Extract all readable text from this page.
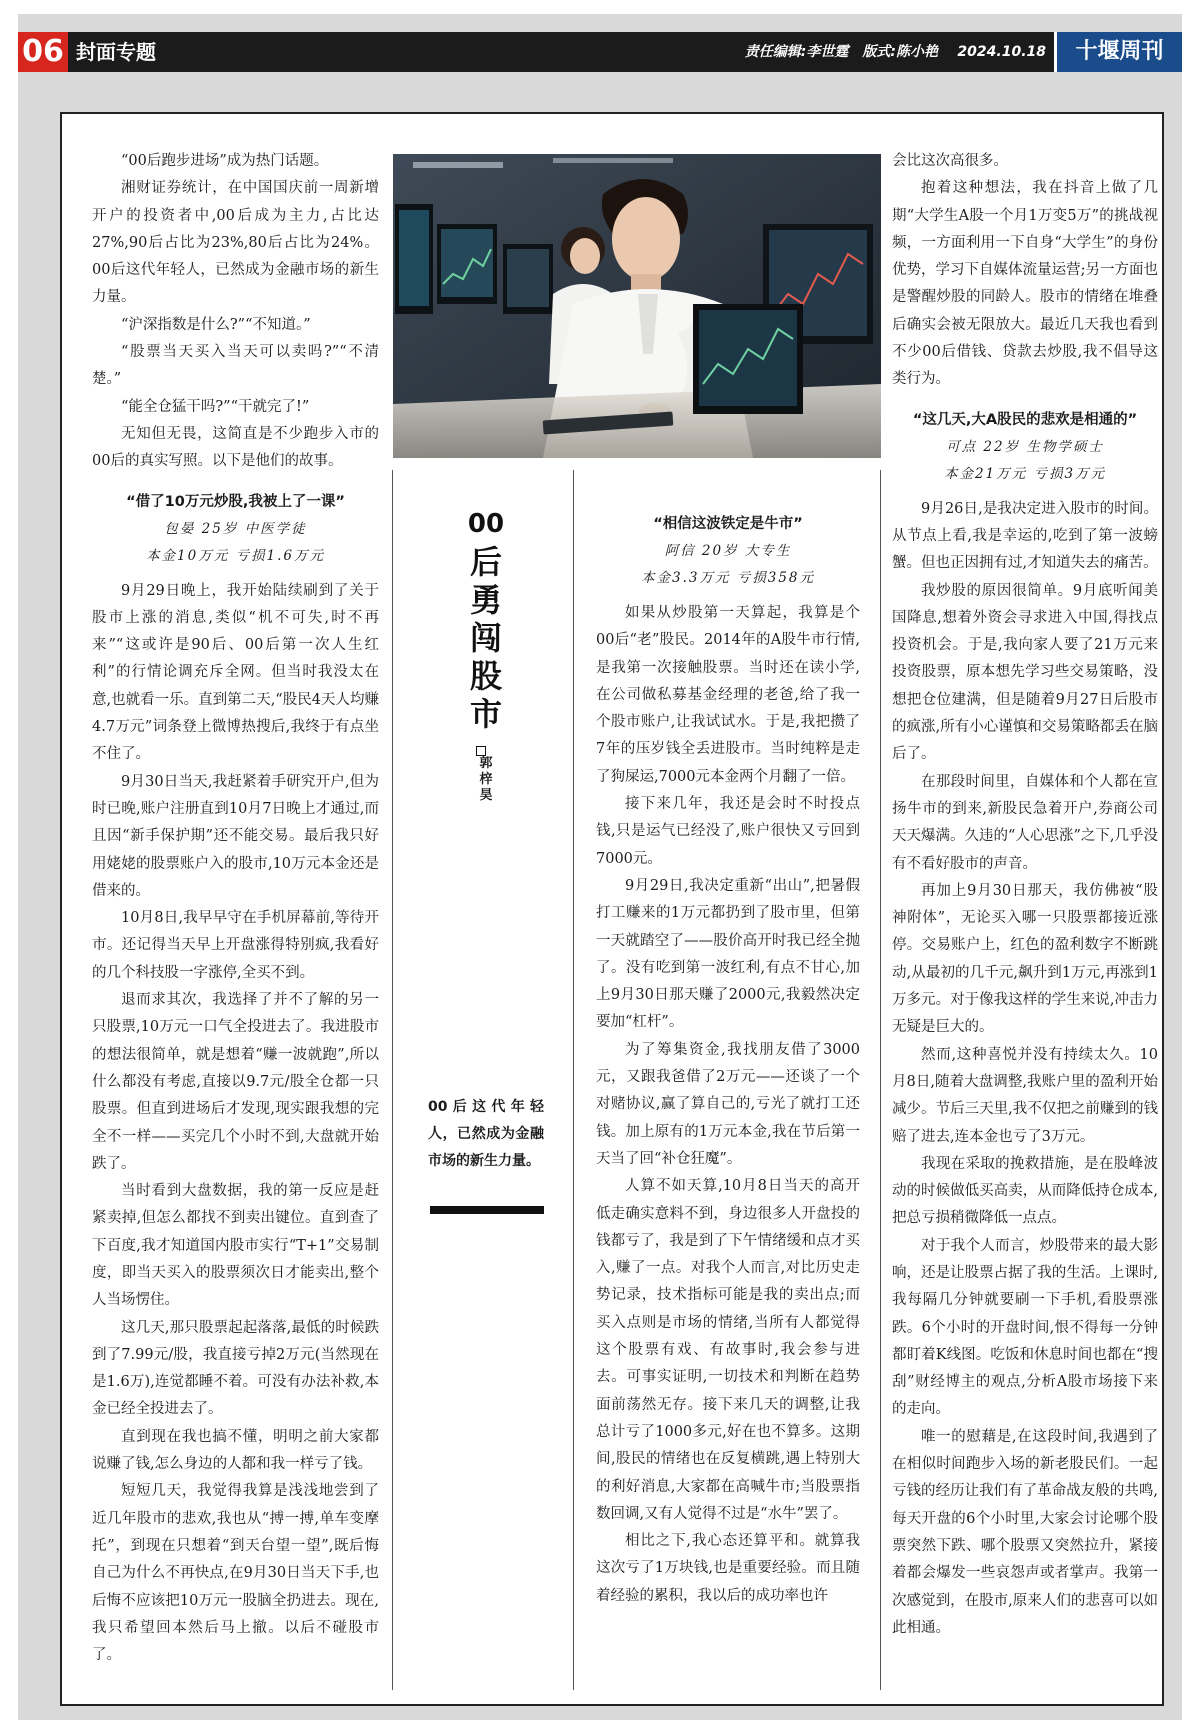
06 封面专题	责任编辑:李世霆　版式:陈小艳 2024.10.18	十堰周刊

“00后跑步进场”成为热门话题。

湘财证券统计，在中国国庆前一周新增开户的投资者中,00后成为主力,占比达27%,90后占比为23%,80后占比为24%。00后这代年轻人，已然成为金融市场的新生力量。

“沪深指数是什么?”“不知道。”

“股票当天买入当天可以卖吗?”“不清楚。”

“能全仓猛干吗?”“干就完了!”

无知但无畏，这简直是不少跑步入市的00后的真实写照。以下是他们的故事。

“借了10万元炒股,我被上了一课”

包晏 25岁 中医学徒

本金10万元 亏损1.6万元

9月29日晚上，我开始陆续刷到了关于股市上涨的消息,类似“机不可失,时不再来”“这或许是90后、00后第一次人生红利”的行情论调充斥全网。但当时我没太在意,也就看一乐。直到第二天,“股民4天人均赚4.7万元”词条登上微博热搜后,我终于有点坐不住了。

9月30日当天,我赶紧着手研究开户,但为时已晚,账户注册直到10月7日晚上才通过,而且因“新手保护期”还不能交易。最后我只好用姥姥的股票账户入的股市,10万元本金还是借来的。

10月8日,我早早守在手机屏幕前,等待开市。还记得当天早上开盘涨得特别疯,我看好的几个科技股一字涨停,全买不到。

退而求其次，我选择了并不了解的另一只股票,10万元一口气全投进去了。我进股市的想法很简单，就是想着“赚一波就跑”,所以什么都没有考虑,直接以9.7元/股全仓都一只股票。但直到进场后才发现,现实跟我想的完全不一样——买完几个小时不到,大盘就开始跌了。

当时看到大盘数据，我的第一反应是赶紧卖掉,但怎么都找不到卖出键位。直到查了下百度,我才知道国内股市实行“T+1”交易制度，即当天买入的股票须次日才能卖出,整个人当场愣住。

这几天,那只股票起起落落,最低的时候跌到了7.99元/股，我直接亏掉2万元(当然现在是1.6万),连觉都睡不着。可没有办法补救,本金已经全投进去了。

直到现在我也搞不懂，明明之前大家都说赚了钱,怎么身边的人都和我一样亏了钱。

短短几天，我觉得我算是浅浅地尝到了近几年股市的悲欢,我也从“搏一搏,单车变摩托”，到现在只想着“到天台望一望”,既后悔自己为什么不再快点,在9月30日当天下手,也后悔不应该把10万元一股脑全扔进去。现在,我只希望回本然后马上撤。以后不碰股市了。

00
后
勇
闯
股
市
郭
梓
昊
00后这代年轻人，已然成为金融市场的新生力量。

“相信这波铁定是牛市”

阿信 20岁 大专生

本金3.3万元 亏损358元

如果从炒股第一天算起，我算是个00后“老”股民。2014年的A股牛市行情,是我第一次接触股票。当时还在读小学,在公司做私募基金经理的老爸,给了我一个股市账户,让我试试水。于是,我把攒了7年的压岁钱全丢进股市。当时纯粹是走了狗屎运,7000元本金两个月翻了一倍。

接下来几年，我还是会时不时投点钱,只是运气已经没了,账户很快又亏回到7000元。

9月29日,我决定重新“出山”,把暑假打工赚来的1万元都扔到了股市里，但第一天就踏空了——股价高开时我已经全抛了。没有吃到第一波红利,有点不甘心,加上9月30日那天赚了2000元,我毅然决定要加“杠杆”。

为了筹集资金,我找朋友借了3000元，又跟我爸借了2万元——还谈了一个对赌协议,赢了算自己的,亏光了就打工还钱。加上原有的1万元本金,我在节后第一天当了回“补仓狂魔”。

人算不如天算,10月8日当天的高开低走确实意料不到，身边很多人开盘投的钱都亏了，我是到了下午情绪缓和点才买入,赚了一点。对我个人而言,对比历史走势记录，技术指标可能是我的卖出点;而买入点则是市场的情绪,当所有人都觉得这个股票有戏、有故事时,我会参与进去。可事实证明,一切技术和判断在趋势面前荡然无存。接下来几天的调整,让我总计亏了1000多元,好在也不算多。这期间,股民的情绪也在反复横跳,遇上特别大的利好消息,大家都在高喊牛市;当股票指数回调,又有人觉得不过是“水牛”罢了。

相比之下,我心态还算平和。就算我这次亏了1万块钱,也是重要经验。而且随着经验的累积，我以后的成功率也许

会比这次高很多。

抱着这种想法，我在抖音上做了几期“大学生A股一个月1万变5万”的挑战视频，一方面利用一下自身“大学生”的身份优势，学习下自媒体流量运营;另一方面也是警醒炒股的同龄人。股市的情绪在堆叠后确实会被无限放大。最近几天我也看到不少00后借钱、贷款去炒股,我不倡导这类行为。

“这几天,大A股民的悲欢是相通的”

可点 22岁 生物学硕士

本金21万元 亏损3万元

9月26日,是我决定进入股市的时间。从节点上看,我是幸运的,吃到了第一波螃蟹。但也正因拥有过,才知道失去的痛苦。

我炒股的原因很简单。9月底听闻美国降息,想着外资会寻求进入中国,得找点投资机会。于是,我向家人要了21万元来投资股票，原本想先学习些交易策略，没想把仓位建满，但是随着9月27日后股市的疯涨,所有小心谨慎和交易策略都丢在脑后了。

在那段时间里，自媒体和个人都在宣扬牛市的到来,新股民急着开户,券商公司天天爆满。久违的“人心思涨”之下,几乎没有不看好股市的声音。

再加上9月30日那天，我仿佛被“股神附体”，无论买入哪一只股票都接近涨停。交易账户上，红色的盈利数字不断跳动,从最初的几千元,飙升到1万元,再涨到1万多元。对于像我这样的学生来说,冲击力无疑是巨大的。

然而,这种喜悦并没有持续太久。10月8日,随着大盘调整,我账户里的盈利开始减少。节后三天里,我不仅把之前赚到的钱赔了进去,连本金也亏了3万元。

我现在采取的挽救措施，是在股峰波动的时候做低买高卖，从而降低持仓成本,把总亏损稍微降低一点点。

对于我个人而言，炒股带来的最大影响，还是让股票占据了我的生活。上课时,我每隔几分钟就要刷一下手机,看股票涨跌。6个小时的开盘时间,恨不得每一分钟都盯着K线图。吃饭和休息时间也都在“搜刮”财经博主的观点,分析A股市场接下来的走向。

唯一的慰藉是,在这段时间,我遇到了在相似时间跑步入场的新老股民们。一起亏钱的经历让我们有了革命战友般的共鸣,每天开盘的6个小时里,大家会讨论哪个股票突然下跌、哪个股票又突然拉升，紧接着都会爆发一些哀怨声或者掌声。我第一次感觉到，在股市,原来人们的悲喜可以如此相通。
